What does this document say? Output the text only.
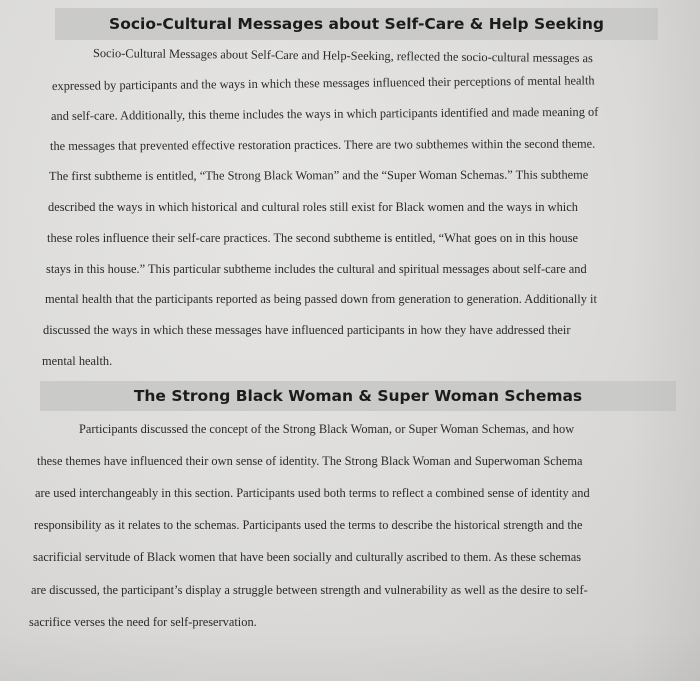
Socio-Cultural Messages about Self-Care & Help Seeking
Socio-Cultural Messages about Self-Care and Help-Seeking, reflected the socio-cultural messages as
expressed by participants and the ways in which these messages influenced their perceptions of mental health
and self-care. Additionally, this theme includes the ways in which participants identified and made meaning of
the messages that prevented effective restoration practices. There are two subthemes within the second theme.
The first subtheme is entitled, “The Strong Black Woman” and the “Super Woman Schemas.” This subtheme
described the ways in which historical and cultural roles still exist for Black women and the ways in which
these roles influence their self-care practices. The second subtheme is entitled, “What goes on in this house
stays in this house.” This particular subtheme includes the cultural and spiritual messages about self-care and
mental health that the participants reported as being passed down from generation to generation. Additionally it
discussed the ways in which these messages have influenced participants in how they have addressed their
mental health.
The Strong Black Woman & Super Woman Schemas
Participants discussed the concept of the Strong Black Woman, or Super Woman Schemas, and how
these themes have influenced their own sense of identity. The Strong Black Woman and Superwoman Schema
are used interchangeably in this section. Participants used both terms to reflect a combined sense of identity and
responsibility as it relates to the schemas. Participants used the terms to describe the historical strength and the
sacrificial servitude of Black women that have been socially and culturally ascribed to them. As these schemas
are discussed, the participant’s display a struggle between strength and vulnerability as well as the desire to self-
sacrifice verses the need for self-preservation.
